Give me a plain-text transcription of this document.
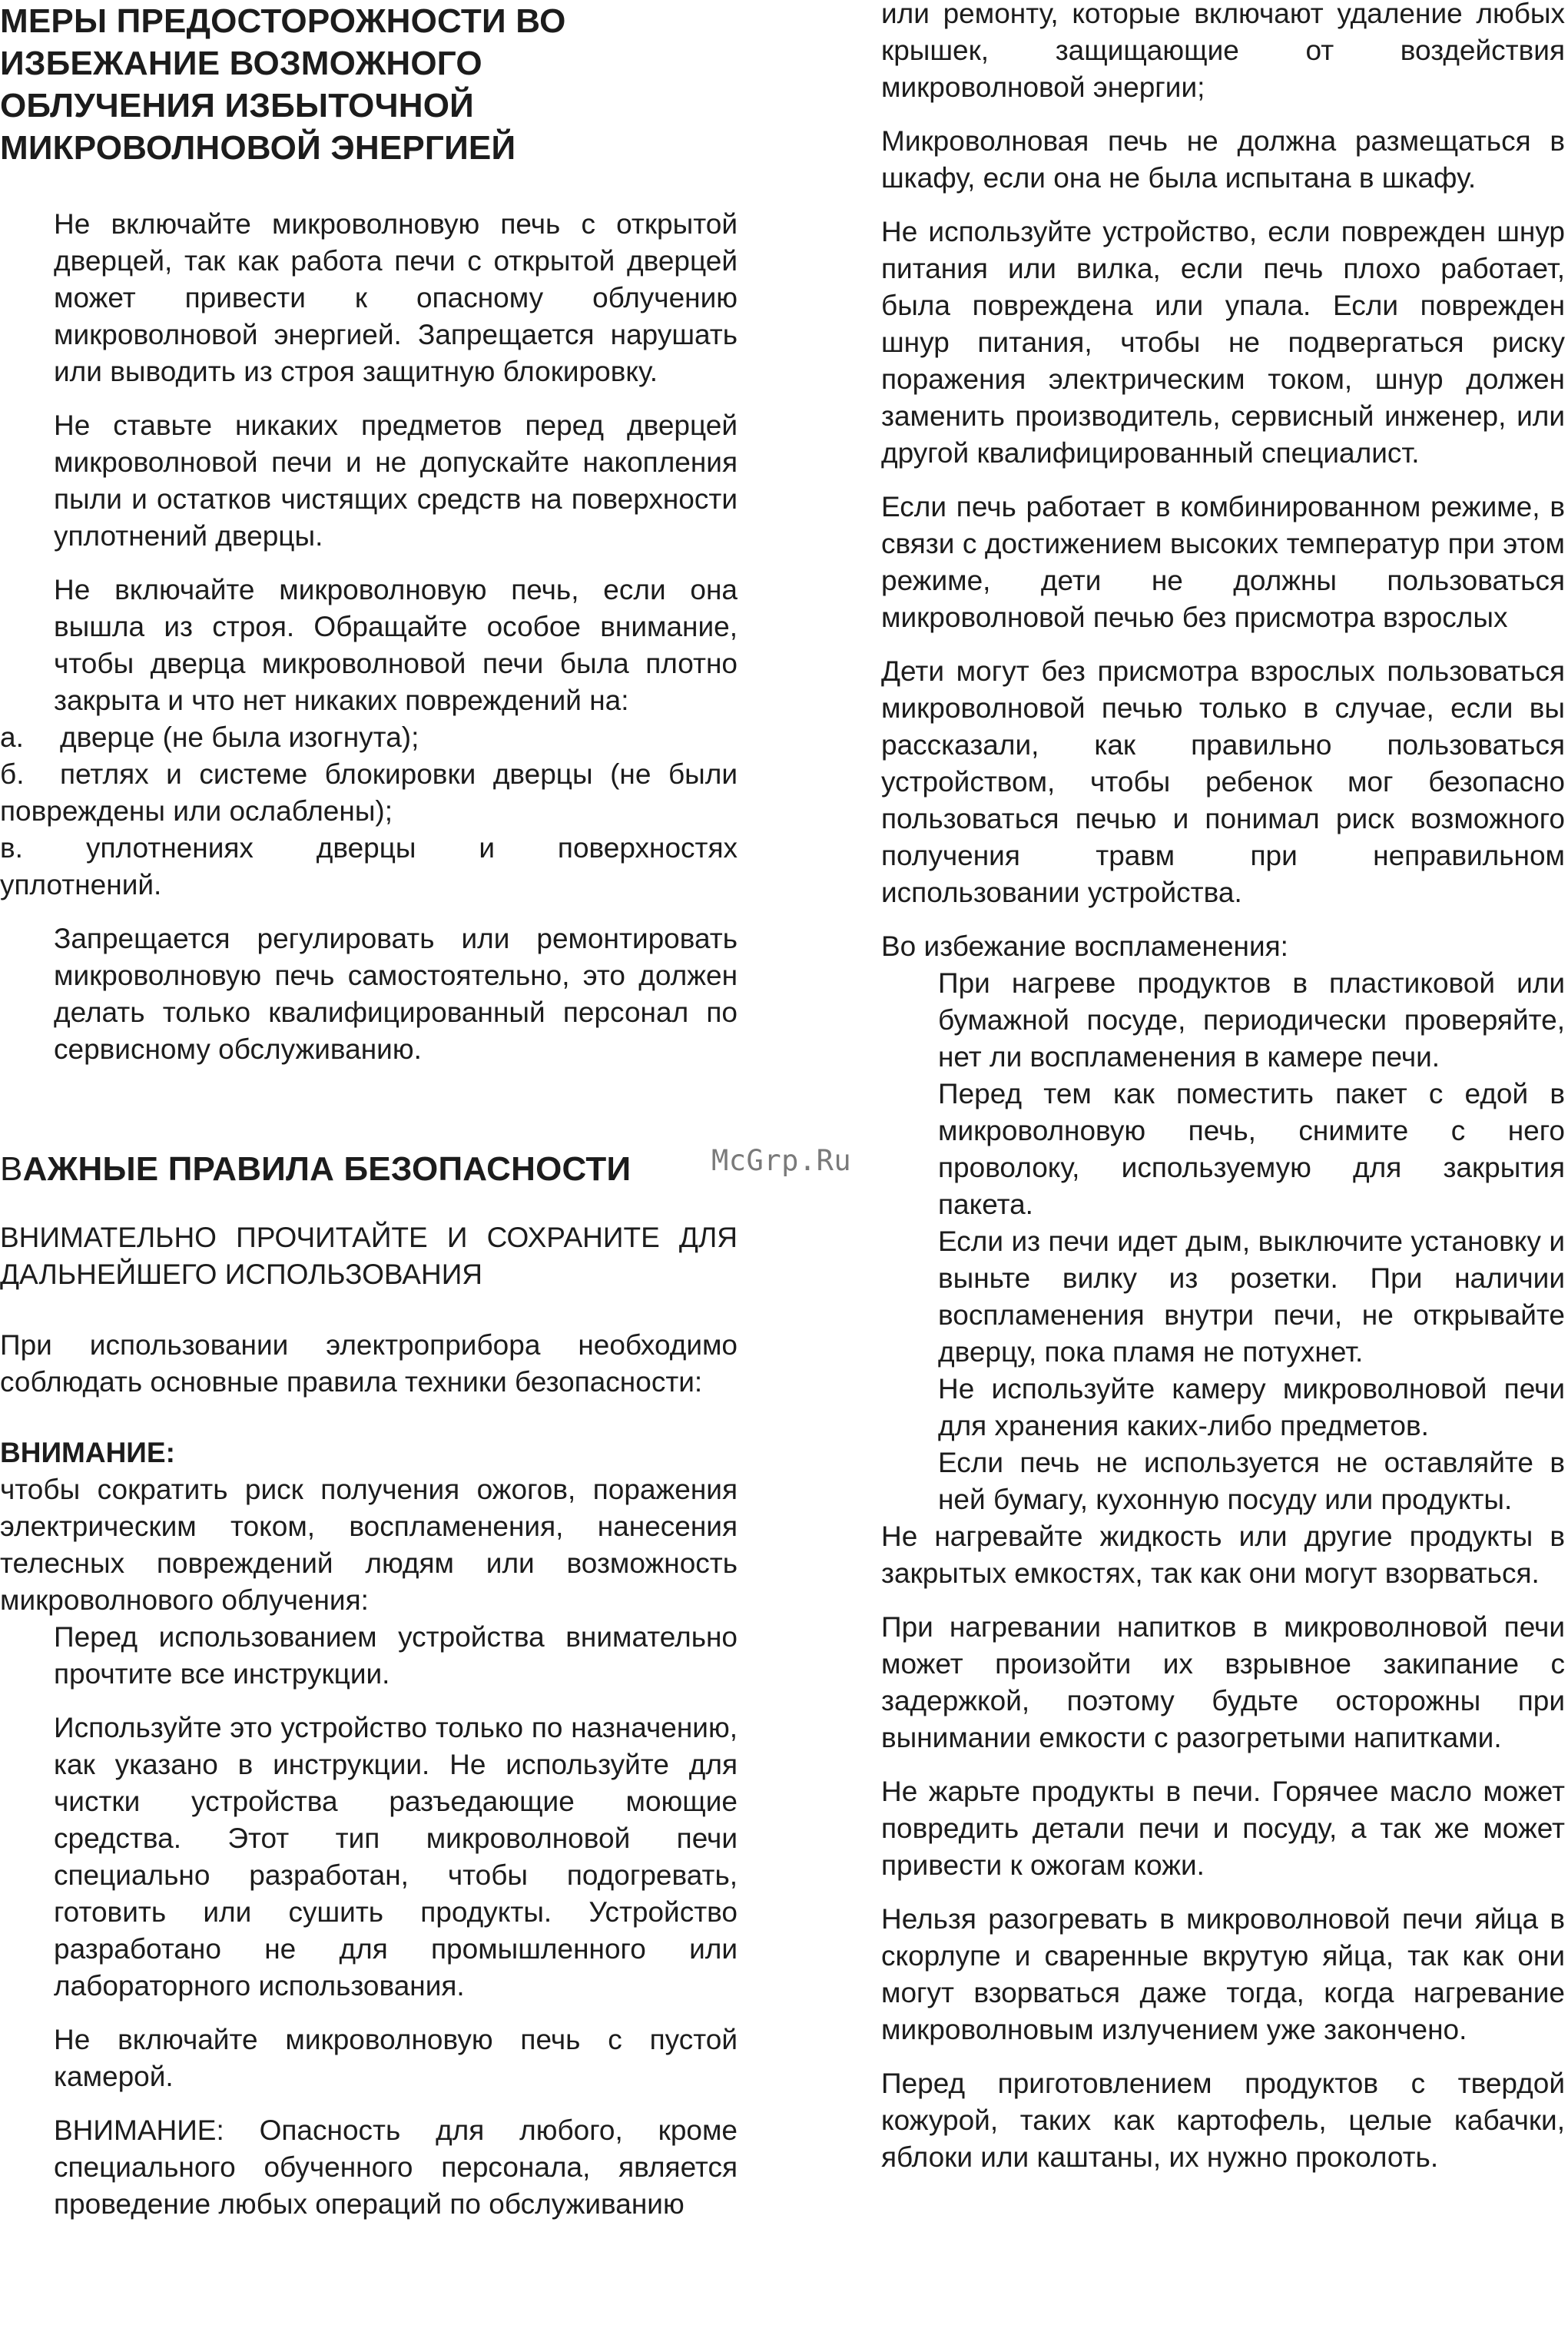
МЕРЫ ПРЕДОСТОРОЖНОСТИ ВО ИЗБЕЖАНИЕ ВОЗМОЖНОГО ОБЛУЧЕНИЯ ИЗБЫТОЧНОЙ МИКРОВОЛНОВОЙ ЭНЕРГИЕЙ

Не включайте микроволновую печь с открытой дверцей, так как работа печи с открытой дверцей может привести к опасному облучению микроволновой энергией. Запрещается нарушать или выводить из строя защитную блокировку.

Не ставьте никаких предметов перед дверцей микроволновой печи и не допускайте накопления пыли и остатков чистящих средств на поверхности уплотнений дверцы.

Не включайте микроволновую печь, если она вышла из строя. Обращайте особое внимание, чтобы дверца микроволновой печи была плотно закрыта и что нет никаких повреждений на:

а. дверце (не была изогнута);

б. петлях и системе блокировки дверцы (не были повреждены или ослаблены);

в. уплотнениях дверцы и поверхностях уплотнений.

Запрещается регулировать или ремонтировать микроволновую печь самостоятельно, это должен делать только квалифицированный персонал по сервисному обслуживанию.

ВАЖНЫЕ ПРАВИЛА БЕЗОПАСНОСТИ

ВНИМАТЕЛЬНО ПРОЧИТАЙТЕ И СОХРАНИТЕ ДЛЯ ДАЛЬНЕЙШЕГО ИСПОЛЬЗОВАНИЯ

При использовании электроприбора необходимо соблюдать основные правила техники безопасности:

ВНИМАНИЕ:

чтобы сократить риск получения ожогов, поражения электрическим током, воспламенения, нанесения телесных повреждений людям или возможность микроволнового облучения:

Перед использованием устройства внимательно прочтите все инструкции.

Используйте это устройство только по назначению, как указано в инструкции. Не используйте для чистки устройства разъедающие моющие средства. Этот тип микроволновой печи специально разработан, чтобы подогревать, готовить или сушить продукты. Устройство разработано не для промышленного или лабораторного использования.

Не включайте микроволновую печь с пустой камерой.

ВНИМАНИЕ: Опасность для любого, кроме специального обученного персонала, является проведение любых операций по обслуживанию

McGrp.Ru

или ремонту, которые включают удаление любых крышек, защищающие от воздействия микроволновой энергии;

Микроволновая печь не должна размещаться в шкафу, если она не была испытана в шкафу.

Не используйте устройство, если поврежден шнур питания или вилка, если печь плохо работает, была повреждена или упала. Если поврежден шнур питания, чтобы не подвергаться риску поражения электрическим током, шнур должен заменить производитель, сервисный инженер, или другой квалифицированный специалист.

Если печь работает в комбинированном режиме, в связи с достижением высоких температур при этом режиме, дети не должны пользоваться микроволновой печью без присмотра взрослых

Дети могут без присмотра взрослых пользоваться микроволновой печью только в случае, если вы рассказали, как правильно пользоваться устройством, чтобы ребенок мог безопасно пользоваться печью и понимал риск возможного получения травм при неправильном использовании устройства.

Во избежание воспламенения:

При нагреве продуктов в пластиковой или бумажной посуде, периодически проверяйте, нет ли воспламенения в камере печи.

Перед тем как поместить пакет с едой в микроволновую печь, снимите с него проволоку, используемую для закрытия пакета.

Если из печи идет дым, выключите установку и выньте вилку из розетки. При наличии воспламенения внутри печи, не открывайте дверцу, пока пламя не потухнет.

Не используйте камеру микроволновой печи для хранения каких-либо предметов.

Если печь не используется не оставляйте в ней бумагу, кухонную посуду или продукты.

Не нагревайте жидкость или другие продукты в закрытых емкостях, так как они могут взорваться.

При нагревании напитков в микроволновой печи может произойти их взрывное закипание с задержкой, поэтому будьте осторожны при вынимании емкости с разогретыми напитками.

Не жарьте продукты в печи. Горячее масло может повредить детали печи и посуду, а так же может привести к ожогам кожи.

Нельзя разогревать в микроволновой печи яйца в скорлупе и сваренные вкрутую яйца, так как они могут взорваться даже тогда, когда нагревание микроволновым излучением уже закончено.

Перед приготовлением продуктов с твердой кожурой, таких как картофель, целые кабачки, яблоки или каштаны, их нужно проколоть.
